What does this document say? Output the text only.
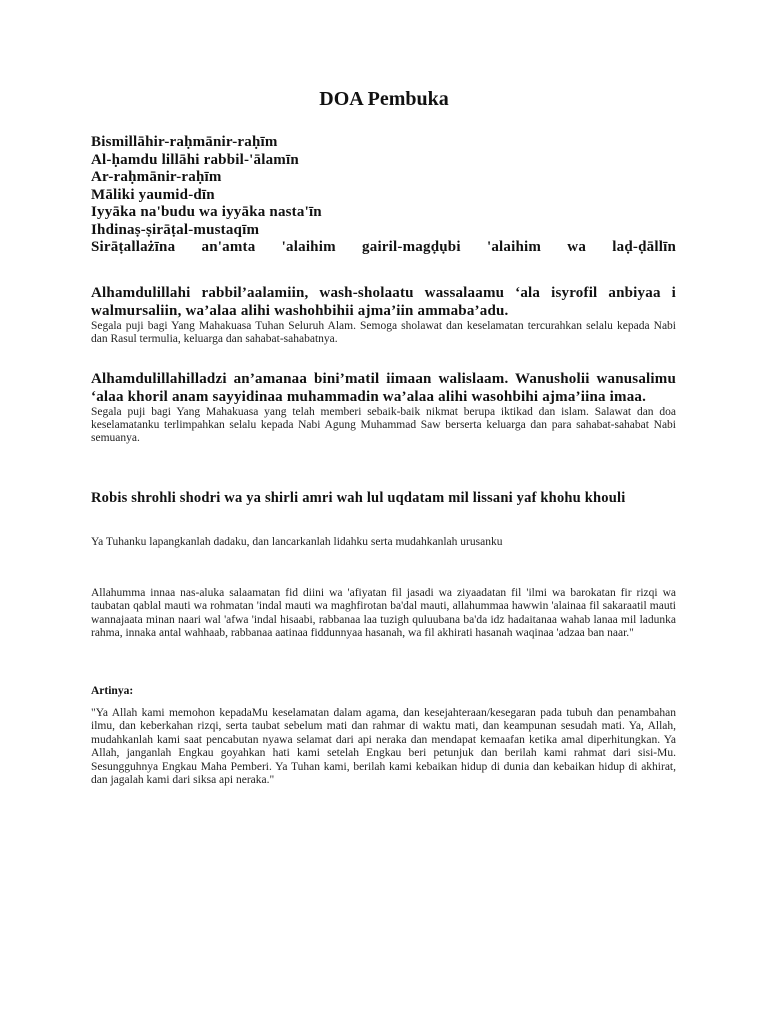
DOA Pembuka
Bismillāhir-raḥmānir-raḥīm
Al-ḥamdu lillāhi rabbil-'ālamīn
Ar-raḥmānir-raḥīm
Māliki yaumid-dīn
Iyyāka na'budu wa iyyāka nasta'īn
Ihdinaṣ-ṣirāṭal-mustaqīm
Sirāṭallażīna an'amta 'alaihim gairil-magḍụbi 'alaihim wa laḍ-ḍāllīn

Alhamdulillahi rabbil’aalamiin, wash-sholaatu wassalaamu ‘ala isyrofil anbiyaa i walmursaliin, wa’alaa alihi washohbihii ajma’iin ammaba’adu.

Segala puji bagi Yang Mahakuasa Tuhan Seluruh Alam. Semoga sholawat dan keselamatan tercurahkan selalu kepada Nabi dan Rasul termulia, keluarga dan sahabat-sahabatnya.

Alhamdulillahilladzi an’amanaa bini’matil iimaan walislaam. Wanusholii wanusalimu ‘alaa khoril anam sayyidinaa muhammadin wa’alaa alihi wasohbihi ajma’iina imaa.

Segala puji bagi Yang Mahakuasa yang telah memberi sebaik-baik nikmat berupa iktikad dan islam. Salawat dan doa keselamatanku terlimpahkan selalu kepada Nabi Agung Muhammad Saw berserta keluarga dan para sahabat-sahabat Nabi semuanya.

Robis shrohli shodri wa ya shirli amri wah lul uqdatam mil lissani yaf khohu khouli

Ya Tuhanku lapangkanlah dadaku, dan lancarkanlah lidahku serta mudahkanlah urusanku

Allahumma innaa nas-aluka salaamatan fid diini wa 'afiyatan fil jasadi wa ziyaadatan fil 'ilmi wa barokatan fir rizqi wa taubatan qablal mauti wa rohmatan 'indal mauti wa maghfirotan ba'dal mauti, allahummaa hawwin 'alainaa fil sakaraatil mauti wannajaata minan naari wal 'afwa 'indal hisaabi, rabbanaa laa tuzigh quluubana ba'da idz hadaitanaa wahab lanaa mil ladunka rahma, innaka antal wahhaab, rabbanaa aatinaa fiddunnyaa hasanah, wa fil akhirati hasanah waqinaa 'adzaa ban naar."

Artinya:

"Ya Allah kami memohon kepadaMu keselamatan dalam agama, dan kesejahteraan/kesegaran pada tubuh dan penambahan ilmu, dan keberkahan rizqi, serta taubat sebelum mati dan rahmar di waktu mati, dan keampunan sesudah mati. Ya, Allah, mudahkanlah kami saat pencabutan nyawa selamat dari api neraka dan mendapat kemaafan ketika amal diperhitungkan. Ya Allah, janganlah Engkau goyahkan hati kami setelah Engkau beri petunjuk dan berilah kami rahmat dari sisi-Mu. Sesungguhnya Engkau Maha Pemberi. Ya Tuhan kami, berilah kami kebaikan hidup di dunia dan kebaikan hidup di akhirat, dan jagalah kami dari siksa api neraka."
